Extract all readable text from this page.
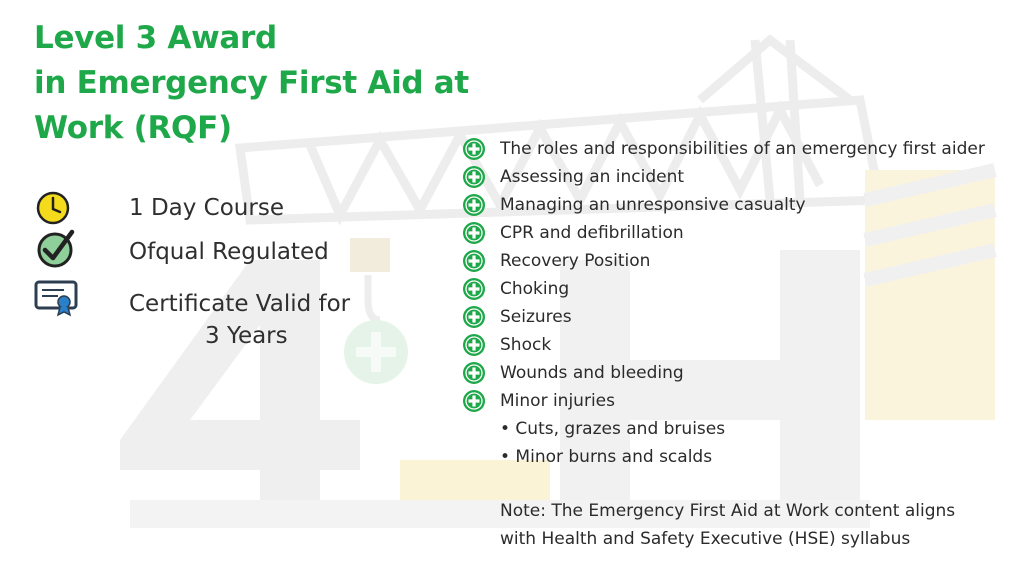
Level 3 Award
in Emergency First Aid at
Work (RQF)
1 Day Course
Ofqual Regulated
Certificate Valid for
3 Years
The roles and responsibilities of an emergency first aider
Assessing an incident
Managing an unresponsive casualty
CPR and defibrillation
Recovery Position
Choking
Seizures
Shock
Wounds and bleeding
Minor injuries
• Cuts, grazes and bruises
• Minor burns and scalds

Note: The Emergency First Aid at Work content aligns
with Health and Safety Executive (HSE) syllabus
